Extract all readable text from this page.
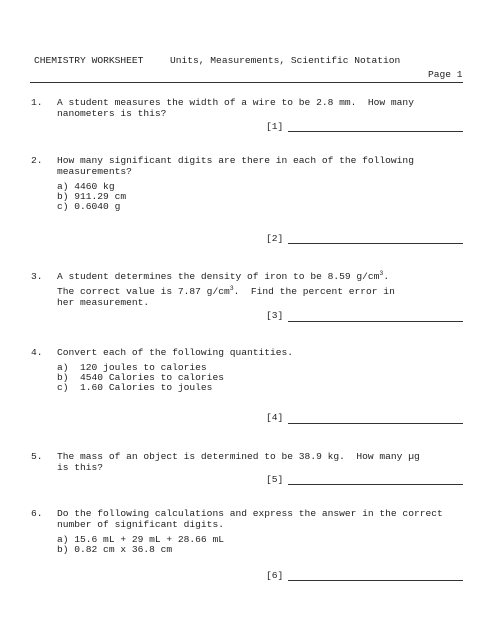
CHEMISTRY WORKSHEET	Units, Measurements, Scientific Notation
Page 1
1. A student measures the width of a wire to be 2.8 mm.  How many
nanometers is this?
[1]
2. How many significant digits are there in each of the following
measurements?
a) 4460 kg
b) 911.29 cm
c) 0.6040 g
[2]
3. A student determines the density of iron to be 8.59 $g/cm^3$.
The correct value is 7.87 $g/cm^3$.  Find the percent error in
her measurement.
[3]
4. Convert each of the following quantities.
a)  120 joules to calories
b)  4540 Calories to calories
c)  1.60 Calories to joules
[4]
5. The mass of an object is determined to be 38.9 kg.  How many µg
is this?
[5]
6. Do the following calculations and express the answer in the correct
number of significant digits.
a) 15.6 mL + 29 mL + 28.66 mL
b) 0.82 cm x 36.8 cm
[6]
